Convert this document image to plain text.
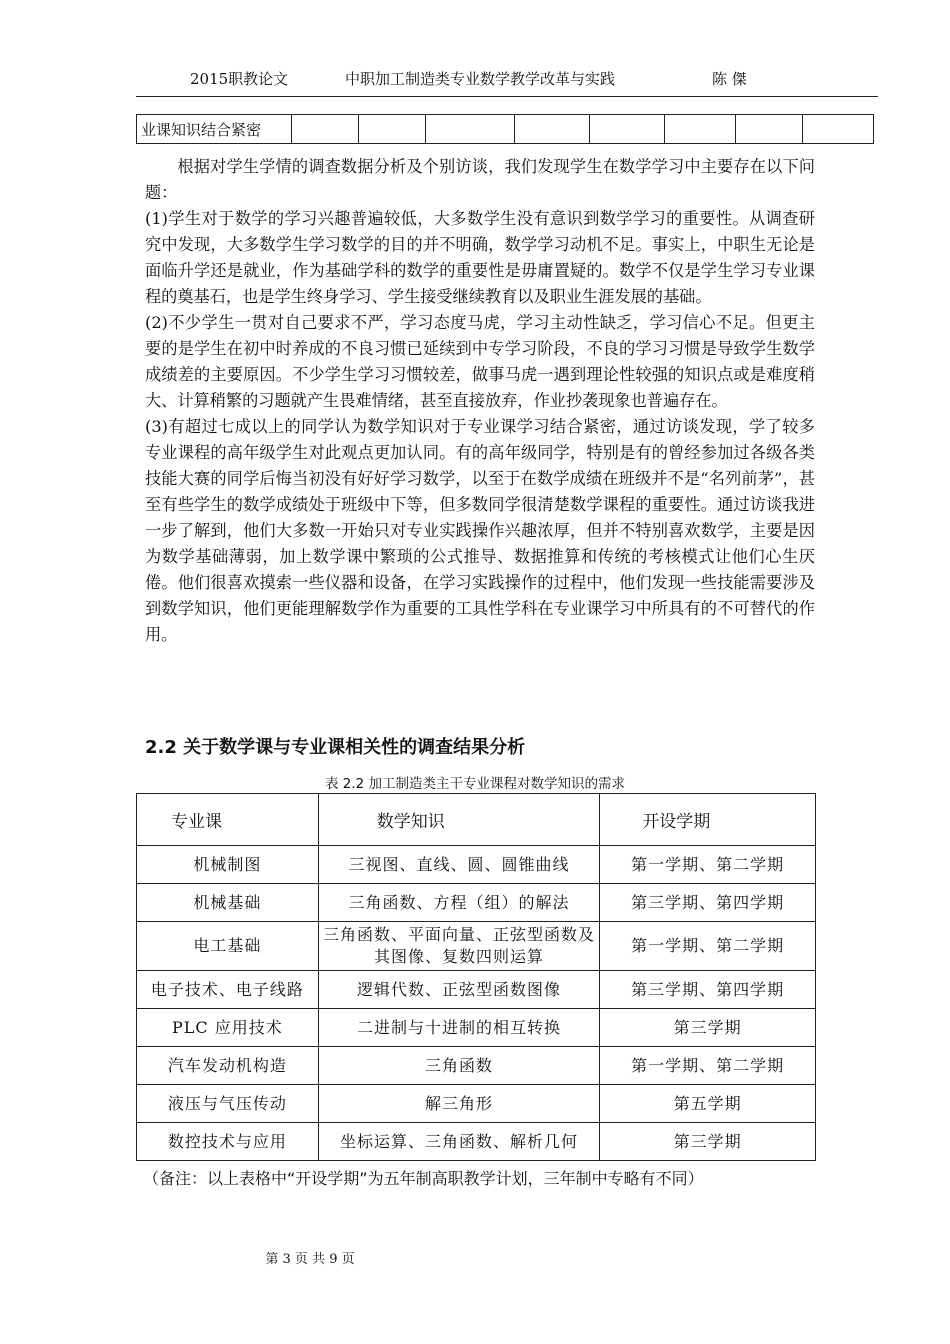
2015职教论文	中职加工制造类专业数学教学改革与实践	陈 傑
业课知识结合紧密								

根据对学生学情的调查数据分析及个别访谈，我们发现学生在数学学习中主要存在以下问题：

(1)学生对于数学的学习兴趣普遍较低，大多数学生没有意识到数学学习的重要性。从调查研究中发现，大多数学生学习数学的目的并不明确，数学学习动机不足。事实上，中职生无论是面临升学还是就业，作为基础学科的数学的重要性是毋庸置疑的。数学不仅是学生学习专业课程的奠基石，也是学生终身学习、学生接受继续教育以及职业生涯发展的基础。

(2)不少学生一贯对自己要求不严，学习态度马虎，学习主动性缺乏，学习信心不足。但更主要的是学生在初中时养成的不良习惯已延续到中专学习阶段，不良的学习习惯是导致学生数学成绩差的主要原因。不少学生学习习惯较差，做事马虎一遇到理论性较强的知识点或是难度稍大、计算稍繁的习题就产生畏难情绪，甚至直接放弃，作业抄袭现象也普遍存在。

(3)有超过七成以上的同学认为数学知识对于专业课学习结合紧密，通过访谈发现，学了较多专业课程的高年级学生对此观点更加认同。有的高年级同学，特别是有的曾经参加过各级各类技能大赛的同学后悔当初没有好好学习数学，以至于在数学成绩在班级并不是“名列前茅”，甚至有些学生的数学成绩处于班级中下等，但多数同学很清楚数学课程的重要性。通过访谈我进一步了解到，他们大多数一开始只对专业实践操作兴趣浓厚，但并不特别喜欢数学，主要是因为数学基础薄弱，加上数学课中繁琐的公式推导、数据推算和传统的考核模式让他们心生厌倦。他们很喜欢摸索一些仪器和设备，在学习实践操作的过程中，他们发现一些技能需要涉及到数学知识，他们更能理解数学作为重要的工具性学科在专业课学习中所具有的不可替代的作用。

2.2 关于数学课与专业课相关性的调查结果分析
表 2.2 加工制造类主干专业课程对数学知识的需求
专业课	数学知识	开设学期
机械制图	三视图、直线、圆、圆锥曲线	第一学期、第二学期
机械基础	三角函数、方程（组）的解法	第三学期、第四学期
电工基础	三角函数、平面向量、正弦型函数及其图像、复数四则运算	第一学期、第二学期
电子技术、电子线路	逻辑代数、正弦型函数图像	第三学期、第四学期
PLC 应用技术	二进制与十进制的相互转换	第三学期
汽车发动机构造	三角函数	第一学期、第二学期
液压与气压传动	解三角形	第五学期
数控技术与应用	坐标运算、三角函数、解析几何	第三学期
（备注：以上表格中“开设学期”为五年制高职教学计划，三年制中专略有不同）
第 3 页 共 9 页
